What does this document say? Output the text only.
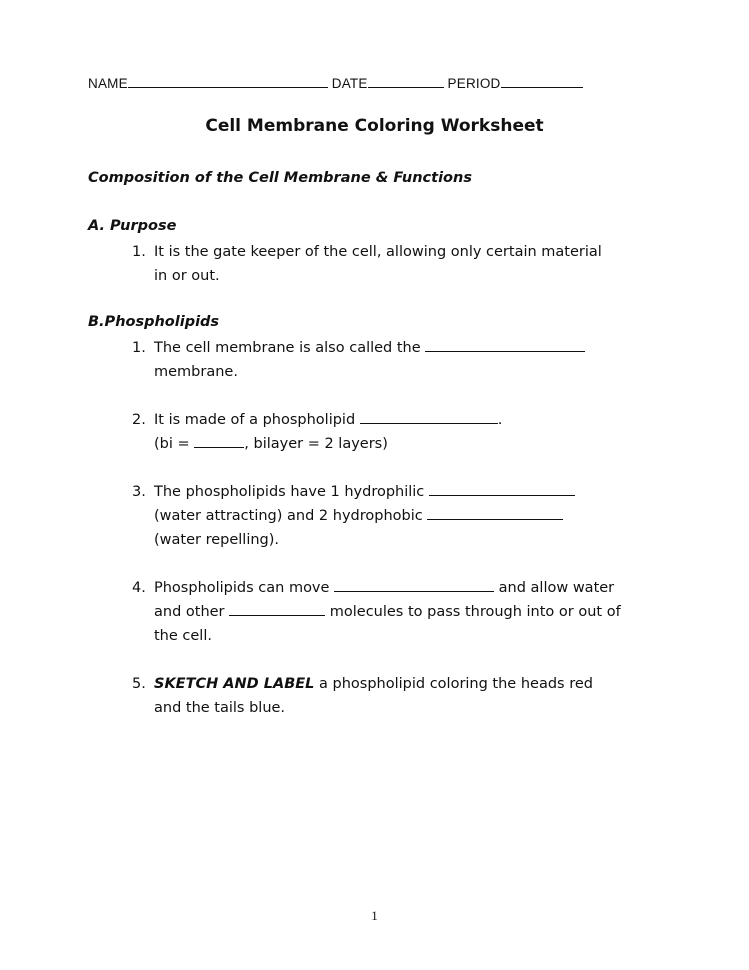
NAME	DATE	PERIOD
Cell Membrane Coloring Worksheet
Composition of the Cell Membrane & Functions
A. Purpose
1. It is the gate keeper of the cell, allowing only certain material
in or out.
B.Phospholipids
1. The cell membrane is also called the
membrane.
2. It is made of a phospholipid	.
(bi =	, bilayer = 2 layers)
3. The phospholipids have 1 hydrophilic
(water attracting) and 2 hydrophobic
(water repelling).
4. Phospholipids can move	and allow water
and other	molecules to pass through into or out of
the cell.
5. SKETCH AND LABEL a phospholipid coloring the heads red
and the tails blue.
1
